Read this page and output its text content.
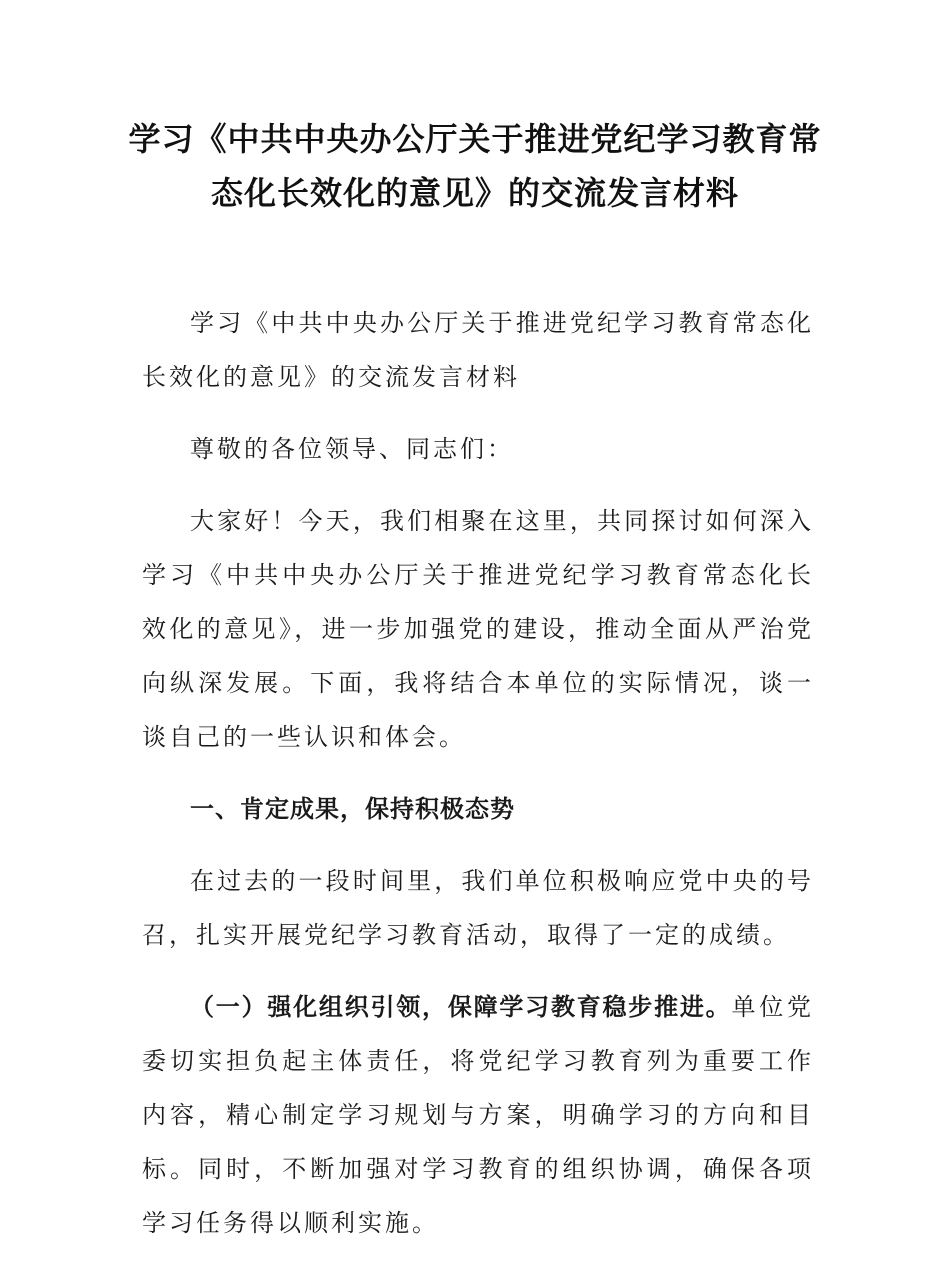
学习《中共中央办公厅关于推进党纪学习教育常态化长效化的意见》的交流发言材料

学习《中共中央办公厅关于推进党纪学习教育常态化长效化的意见》的交流发言材料

尊敬的各位领导、同志们：

大家好！今天，我们相聚在这里，共同探讨如何深入学习《中共中央办公厅关于推进党纪学习教育常态化长效化的意见》，进一步加强党的建设，推动全面从严治党向纵深发展。下面，我将结合本单位的实际情况，谈一谈自己的一些认识和体会。

一、肯定成果，保持积极态势

在过去的一段时间里，我们单位积极响应党中央的号召，扎实开展党纪学习教育活动，取得了一定的成绩。

（一）强化组织引领，保障学习教育稳步推进。单位党委切实担负起主体责任，将党纪学习教育列为重要工作内容，精心制定学习规划与方案，明确学习的方向和目标。同时，不断加强对学习教育的组织协调，确保各项学习任务得以顺利实施。
